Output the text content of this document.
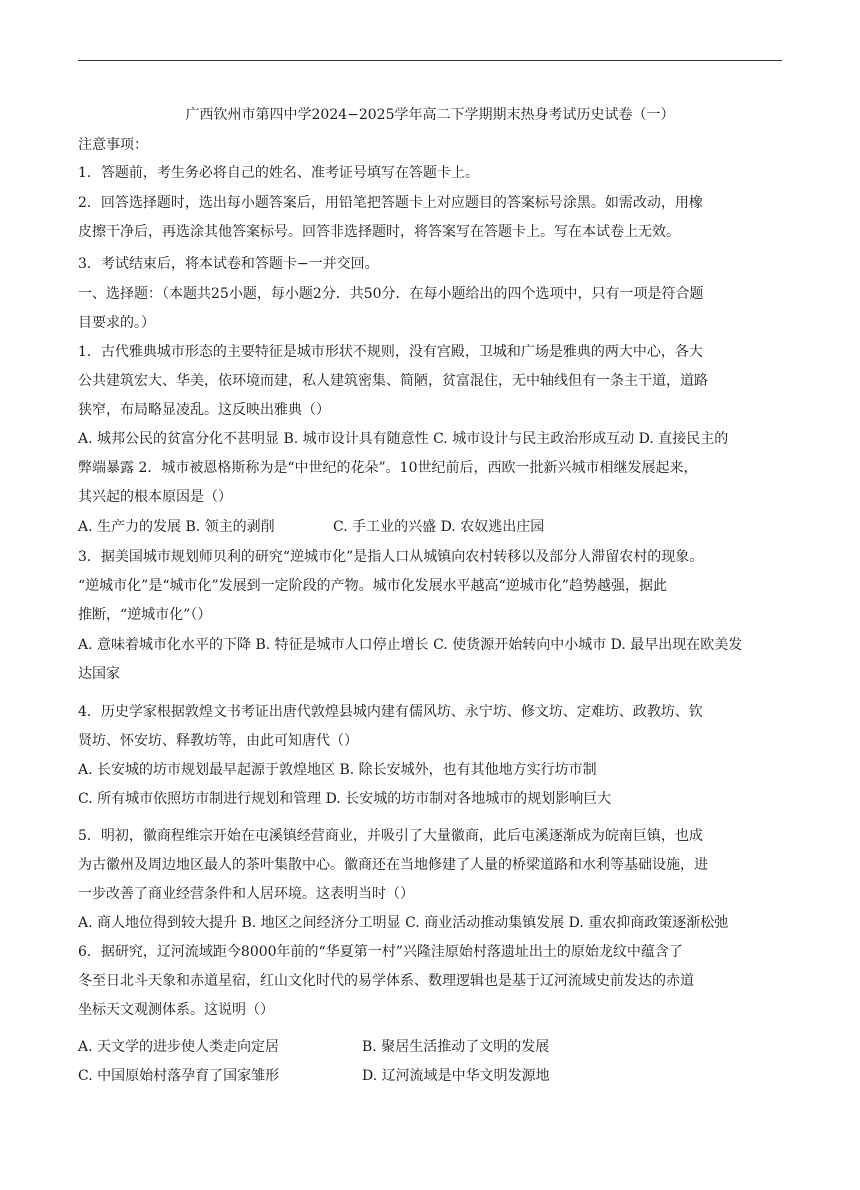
广西钦州市第四中学2024−2025学年高二下学期期末热身考试历史试卷（一）
注意事项：
1．答题前，考生务必将自己的姓名、准考证号填写在答题卡上。
2．回答选择题时，选出每小题答案后，用铅笔把答题卡上对应题目的答案标号涂黑。如需改动，用橡
皮擦干净后，再选涂其他答案标号。回答非选择题时，将答案写在答题卡上。写在本试卷上无效。
3．考试结束后，将本试卷和答题卡−一并交回。
一、选择题：（本题共25小题，每小题2分．共50分．在每小题给出的四个选项中，只有一项是符合题
目要求的。）
1．古代雅典城市形态的主要特征是城市形状不规则，没有宫殿，卫城和广场是雅典的两大中心，各大
公共建筑宏大、华美，依环境而建，私人建筑密集、简陋，贫富混住，无中轴线但有一条主干道，道路
狭窄，布局略显凌乱。这反映出雅典（）
A. 城邦公民的贫富分化不甚明显 B. 城市设计具有随意性 C. 城市设计与民主政治形成互动 D. 直接民主的
弊端暴露 2．城市被恩格斯称为是“中世纪的花朵”。10世纪前后，西欧一批新兴城市相继发展起来，
其兴起的根本原因是（）
A. 生产力的发展 B. 领主的剥削	C. 手工业的兴盛 D. 农奴逃出庄园
3．据美国城市规划师贝利的研究“逆城市化”是指人口从城镇向农村转移以及部分人滞留农村的现象。
“逆城市化”是“城市化”发展到一定阶段的产物。城市化发展水平越高“逆城市化”趋势越强，据此
推断，“逆城市化”（）
A. 意味着城市化水平的下降 B. 特征是城市人口停止增长 C. 使货源开始转向中小城市 D. 最早出现在欧美发
达国家
4．历史学家根据敦煌文书考证出唐代敦煌县城内建有儒风坊、永宁坊、修文坊、定难坊、政教坊、钦
贤坊、怀安坊、释教坊等，由此可知唐代（）
A. 长安城的坊市规划最早起源于敦煌地区 B. 除长安城外，也有其他地方实行坊市制
C. 所有城市依照坊市制进行规划和管理 D. 长安城的坊市制对各地城市的规划影响巨大
5．明初，徽商程维宗开始在屯溪镇经营商业，并吸引了大量徽商，此后屯溪逐渐成为皖南巨镇，也成
为古徽州及周边地区最人的茶叶集散中心。徽商还在当地修建了人量的桥梁道路和水利等基础设施，进
一步改善了商业经营条件和人居环境。这表明当时（）
A. 商人地位得到较大提升 B. 地区之间经济分工明显 C. 商业活动推动集镇发展 D. 重农抑商政策逐渐松弛
6．据研究，辽河流域距今8000年前的“华夏第一村”兴隆洼原始村落遗址出土的原始龙纹中蕴含了
冬至日北斗天象和赤道星宿，红山文化时代的易学体系、数理逻辑也是基于辽河流域史前发达的赤道
坐标天文观测体系。这说明（）
A. 天文学的进步使人类走向定居	B. 聚居生活推动了文明的发展
C. 中国原始村落孕育了国家雏形	D. 辽河流域是中华文明发源地
